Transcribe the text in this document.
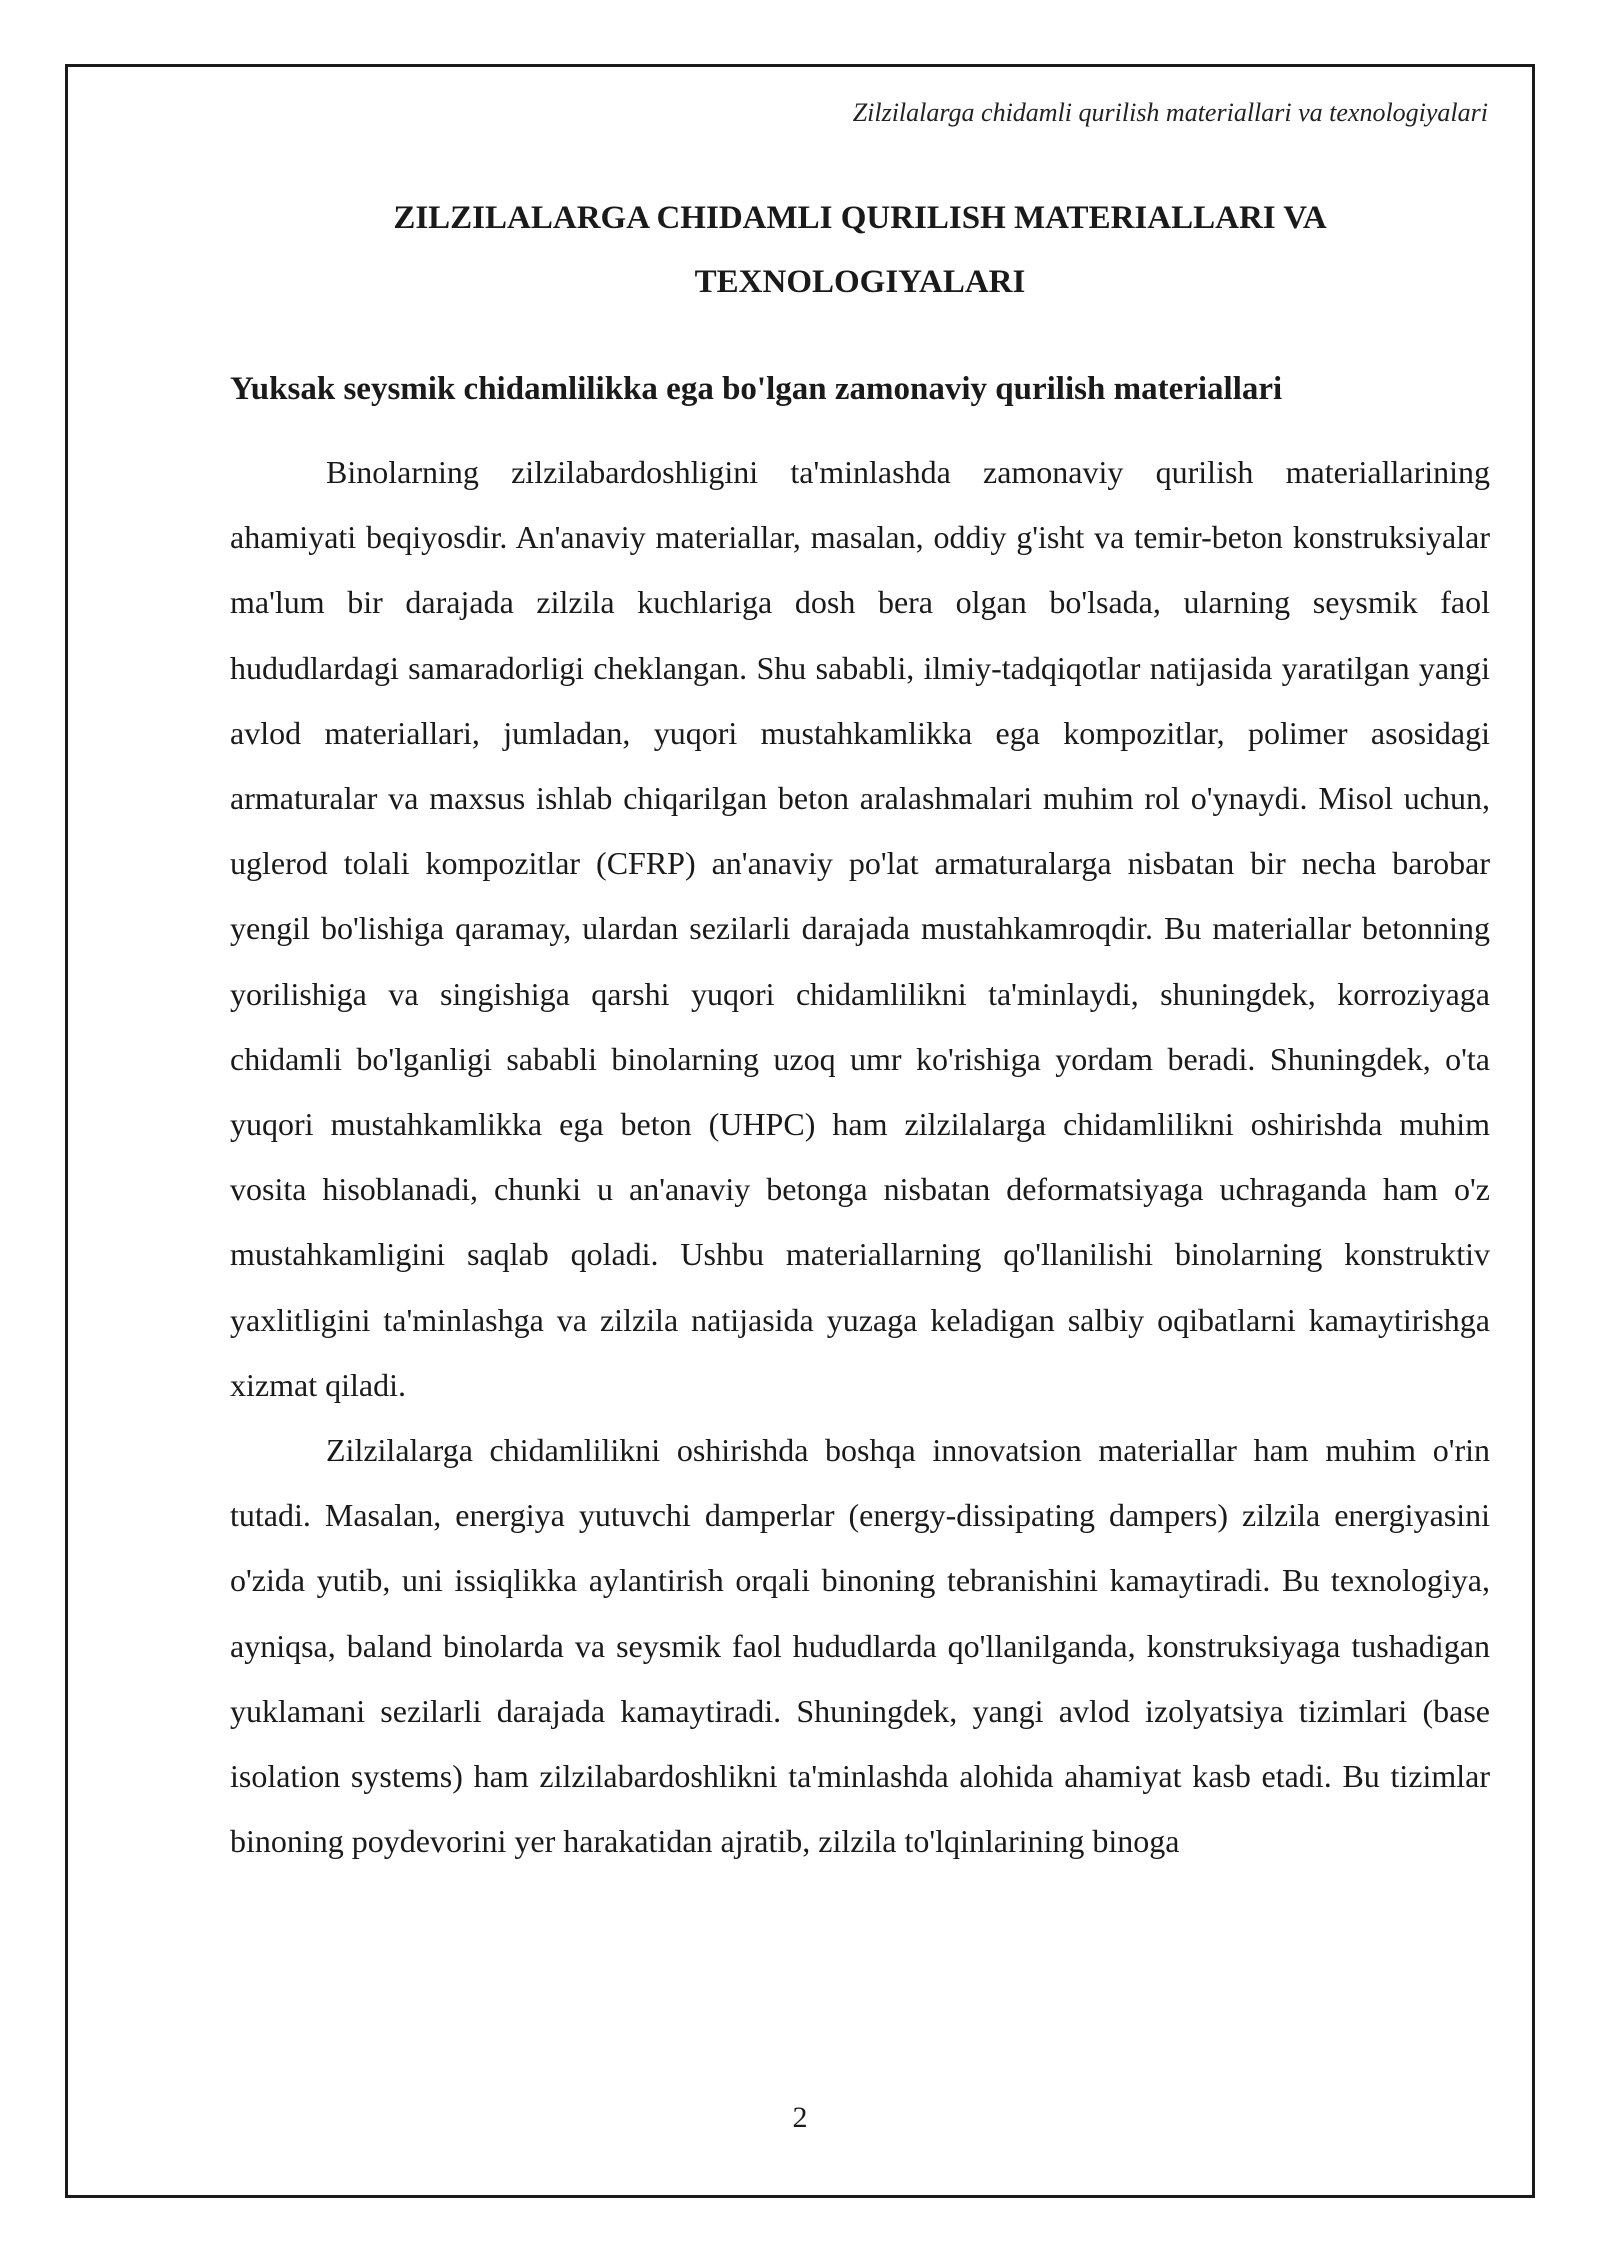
Zilzilalarga chidamli qurilish materiallari va texnologiyalari
ZILZILALARGA CHIDAMLI QURILISH MATERIALLARI VA TEXNOLOGIYALARI
Yuksak seysmik chidamlilikka ega bo'lgan zamonaviy qurilish materiallari

Binolarning zilzilabardoshligini ta'minlashda zamonaviy qurilish materiallarining ahamiyati beqiyosdir. An'anaviy materiallar, masalan, oddiy g'isht va temir-beton konstruksiyalar ma'lum bir darajada zilzila kuchlariga dosh bera olgan bo'lsada, ularning seysmik faol hududlardagi samaradorligi cheklangan. Shu sababli, ilmiy-tadqiqotlar natijasida yaratilgan yangi avlod materiallari, jumladan, yuqori mustahkamlikka ega kompozitlar, polimer asosidagi armaturalar va maxsus ishlab chiqarilgan beton aralashmalari muhim rol o'ynaydi. Misol uchun, uglerod tolali kompozitlar (CFRP) an'anaviy po'lat armaturalarga nisbatan bir necha barobar yengil bo'lishiga qaramay, ulardan sezilarli darajada mustahkamroqdir. Bu materiallar betonning yorilishiga va singishiga qarshi yuqori chidamlilikni ta'minlaydi, shuningdek, korroziyaga chidamli bo'lganligi sababli binolarning uzoq umr ko'rishiga yordam beradi. Shuningdek, o'ta yuqori mustahkamlikka ega beton (UHPC) ham zilzilalarga chidamlilikni oshirishda muhim vosita hisoblanadi, chunki u an'anaviy betonga nisbatan deformatsiyaga uchraganda ham o'z mustahkamligini saqlab qoladi. Ushbu materiallarning qo'llanilishi binolarning konstruktiv yaxlitligini ta'minlashga va zilzila natijasida yuzaga keladigan salbiy oqibatlarni kamaytirishga xizmat qiladi.

Zilzilalarga chidamlilikni oshirishda boshqa innovatsion materiallar ham muhim o'rin tutadi. Masalan, energiya yutuvchi damperlar (energy-dissipating dampers) zilzila energiyasini o'zida yutib, uni issiqlikka aylantirish orqali binoning tebranishini kamaytiradi. Bu texnologiya, ayniqsa, baland binolarda va seysmik faol hududlarda qo'llanilganda, konstruksiyaga tushadigan yuklamani sezilarli darajada kamaytiradi. Shuningdek, yangi avlod izolyatsiya tizimlari (base isolation systems) ham zilzilabardoshlikni ta'minlashda alohida ahamiyat kasb etadi. Bu tizimlar binoning poydevorini yer harakatidan ajratib, zilzila to'lqinlarining binoga

2
